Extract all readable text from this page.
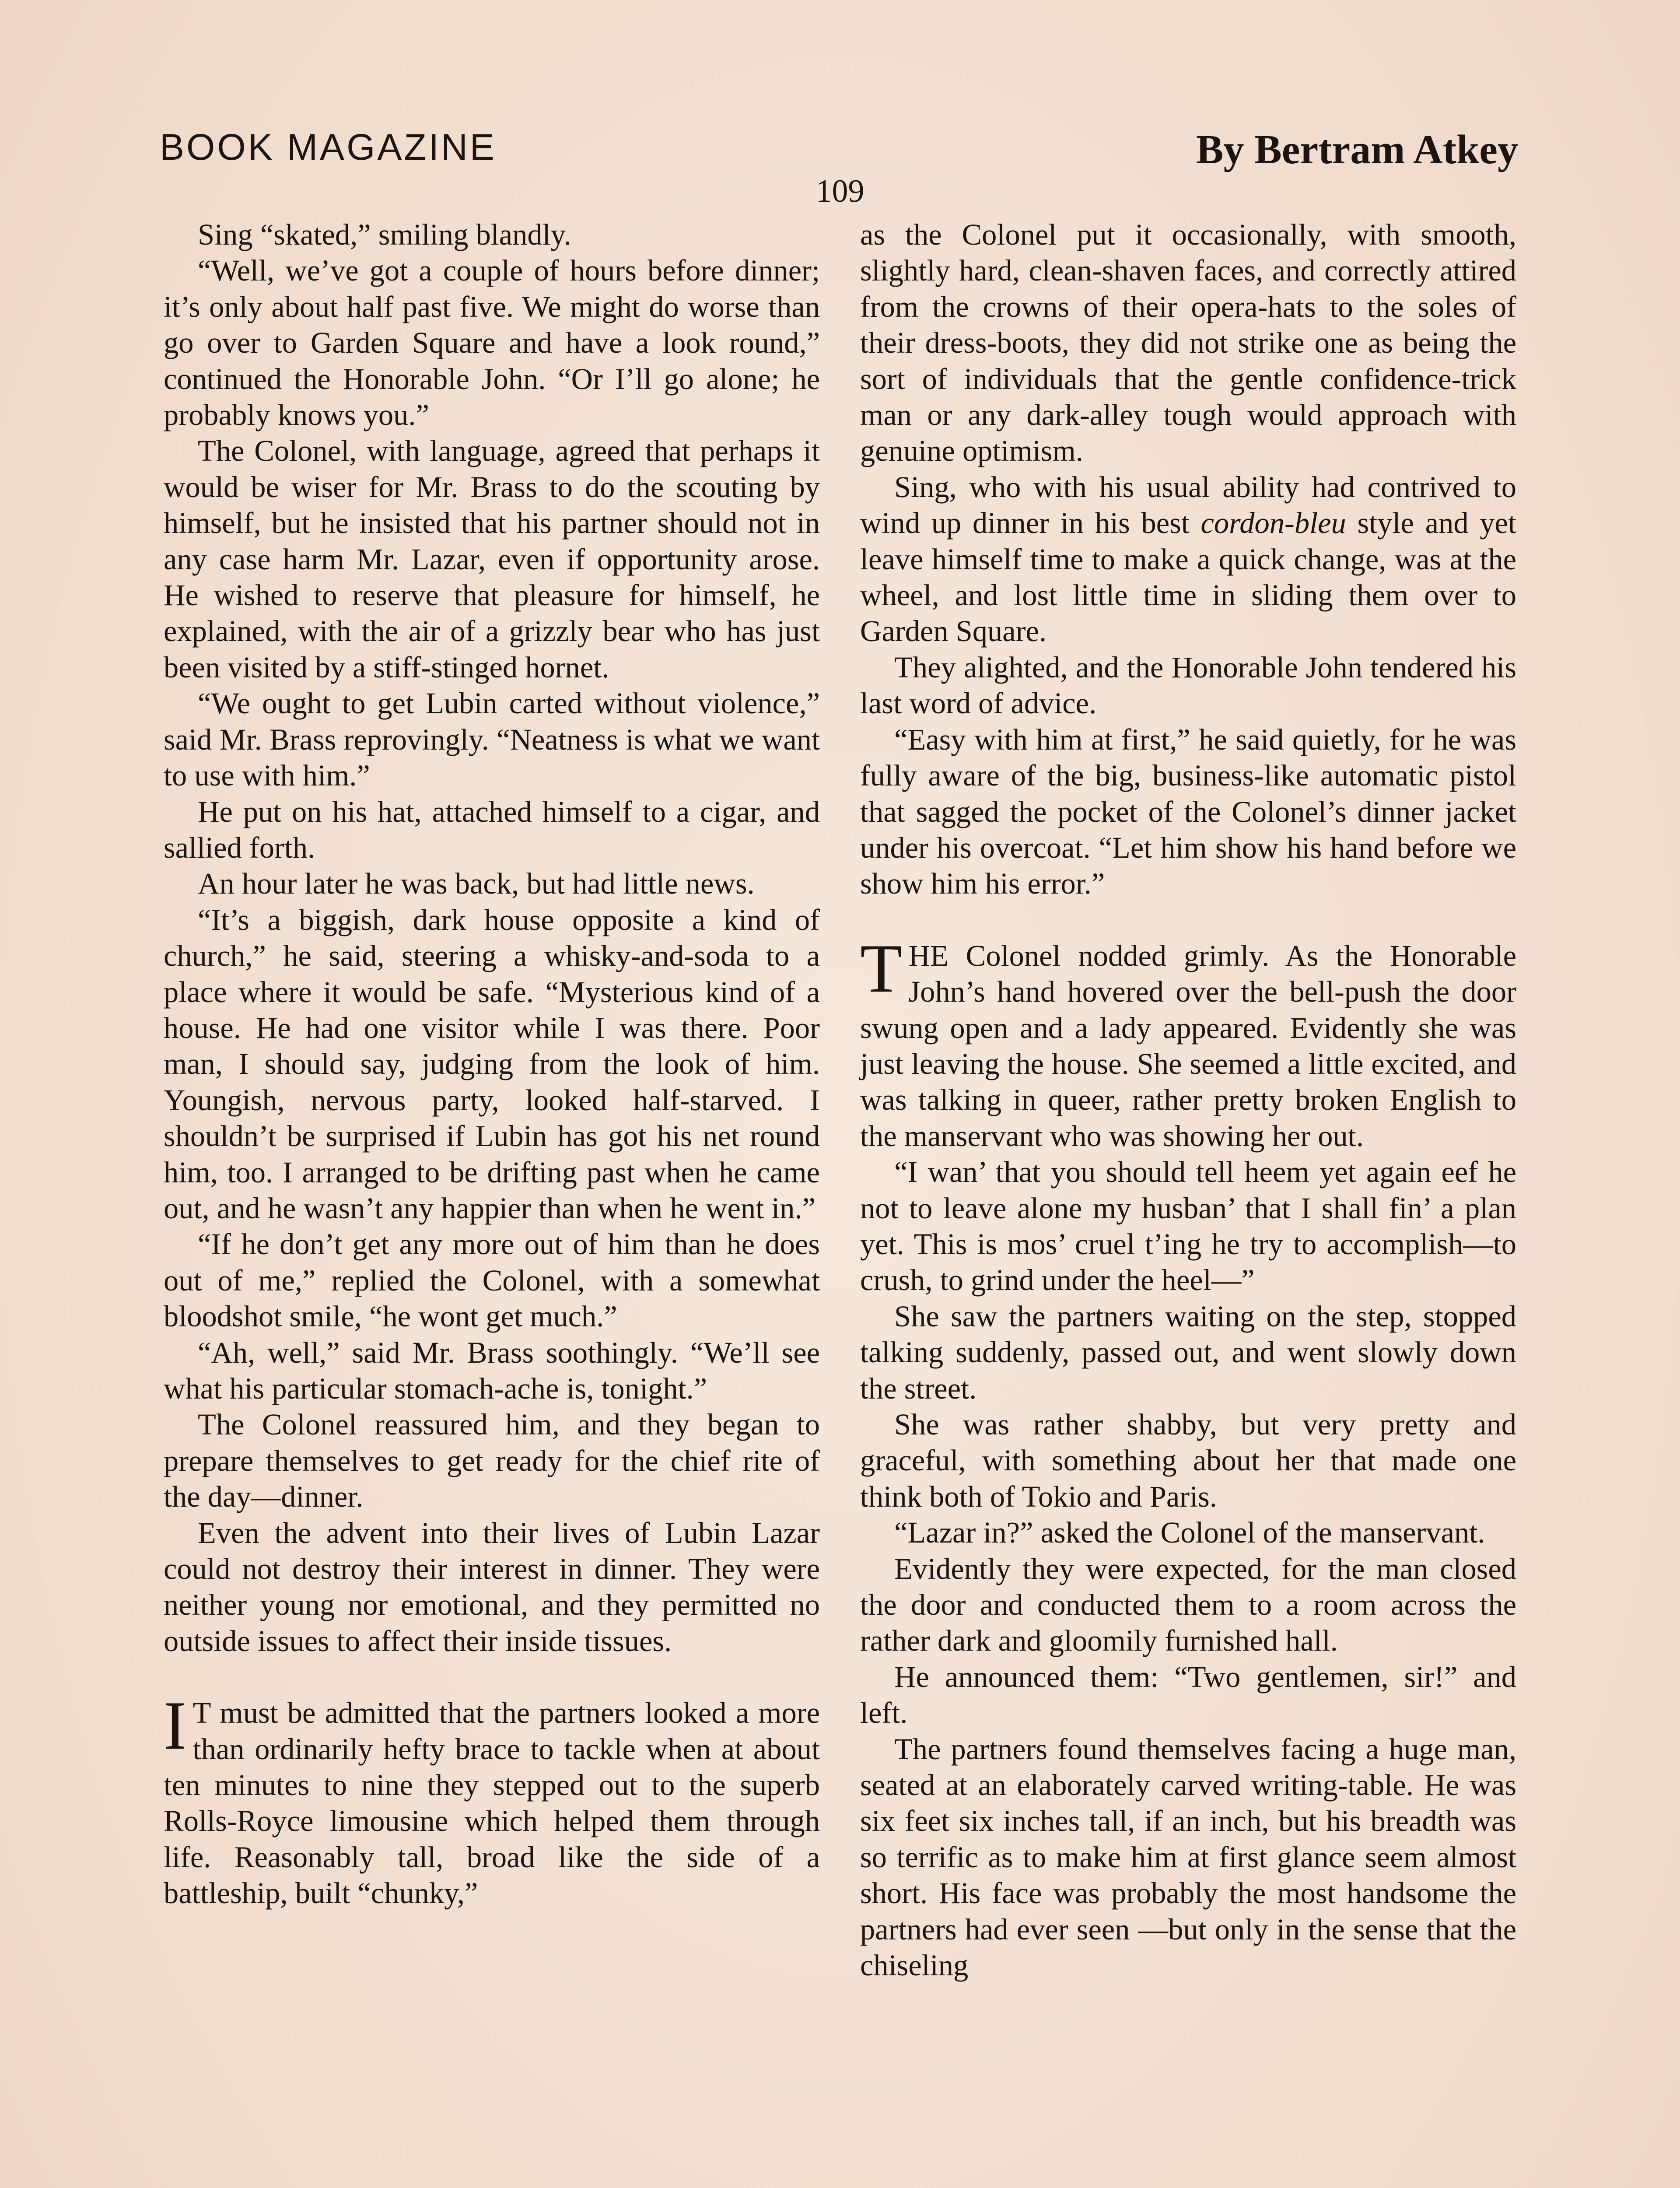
BOOK MAGAZINE	By Bertram Atkey
109

Sing “skated,” smiling blandly.

“Well, we’ve got a couple of hours before dinner; it’s only about half past five. We might do worse than go over to Garden Square and have a look round,” continued the Honorable John. “Or I’ll go alone; he probably knows you.”

The Colonel, with language, agreed that perhaps it would be wiser for Mr. Brass to do the scouting by himself, but he insisted that his partner should not in any case harm Mr. Lazar, even if opportunity arose. He wished to reserve that pleasure for himself, he explained, with the air of a grizzly bear who has just been visited by a stiff-stinged hornet.

“We ought to get Lubin carted without violence,” said Mr. Brass reprovingly. “Neatness is what we want to use with him.”

He put on his hat, attached himself to a cigar, and sallied forth.

An hour later he was back, but had little news.

“It’s a biggish, dark house opposite a kind of church,” he said, steering a whisky-and-soda to a place where it would be safe. “Mysterious kind of a house. He had one visitor while I was there. Poor man, I should say, judging from the look of him. Youngish, nervous party, looked half-starved. I shouldn’t be surprised if Lubin has got his net round him, too. I arranged to be drifting past when he came out, and he wasn’t any happier than when he went in.”

“If he don’t get any more out of him than he does out of me,” replied the Colonel, with a somewhat bloodshot smile, “he wont get much.”

“Ah, well,” said Mr. Brass soothingly. “We’ll see what his particular stomach-ache is, tonight.”

The Colonel reassured him, and they began to prepare themselves to get ready for the chief rite of the day—dinner.

Even the advent into their lives of Lubin Lazar could not destroy their interest in dinner. They were neither young nor emotional, and they permitted no outside issues to affect their inside tissues.

I T must be admitted that the partners looked a more than ordinarily hefty brace to tackle when at about ten minutes to nine they stepped out to the superb Rolls-Royce limousine which helped them through life. Reasonably tall, broad like the side of a battleship, built “chunky,”

as the Colonel put it occasionally, with smooth, slightly hard, clean-shaven faces, and correctly attired from the crowns of their opera-hats to the soles of their dress-boots, they did not strike one as being the sort of individuals that the gentle confidence-trick man or any dark-alley tough would approach with genuine optimism.

Sing, who with his usual ability had contrived to wind up dinner in his best cordon-bleu style and yet leave himself time to make a quick change, was at the wheel, and lost little time in sliding them over to Garden Square.

They alighted, and the Honorable John tendered his last word of advice.

“Easy with him at first,” he said quietly, for he was fully aware of the big, business-like automatic pistol that sagged the pocket of the Colonel’s dinner jacket under his overcoat. “Let him show his hand before we show him his error.”

THE Colonel nodded grimly. As the Honorable John’s hand hovered over the bell-push the door swung open and a lady appeared. Evidently she was just leaving the house. She seemed a little excited, and was talking in queer, rather pretty broken English to the manservant who was showing her out.

“I wan’ that you should tell heem yet again eef he not to leave alone my husban’ that I shall fin’ a plan yet. This is mos’ cruel t’ing he try to accomplish—to crush, to grind under the heel—”

She saw the partners waiting on the step, stopped talking suddenly, passed out, and went slowly down the street.

She was rather shabby, but very pretty and graceful, with something about her that made one think both of Tokio and Paris.

“Lazar in?” asked the Colonel of the manservant.

Evidently they were expected, for the man closed the door and conducted them to a room across the rather dark and gloomily furnished hall.

He announced them: “Two gentlemen, sir!” and left.

The partners found themselves facing a huge man, seated at an elaborately carved writing-table. He was six feet six inches tall, if an inch, but his breadth was so terrific as to make him at first glance seem almost short. His face was probably the most handsome the partners had ever seen —but only in the sense that the chiseling
